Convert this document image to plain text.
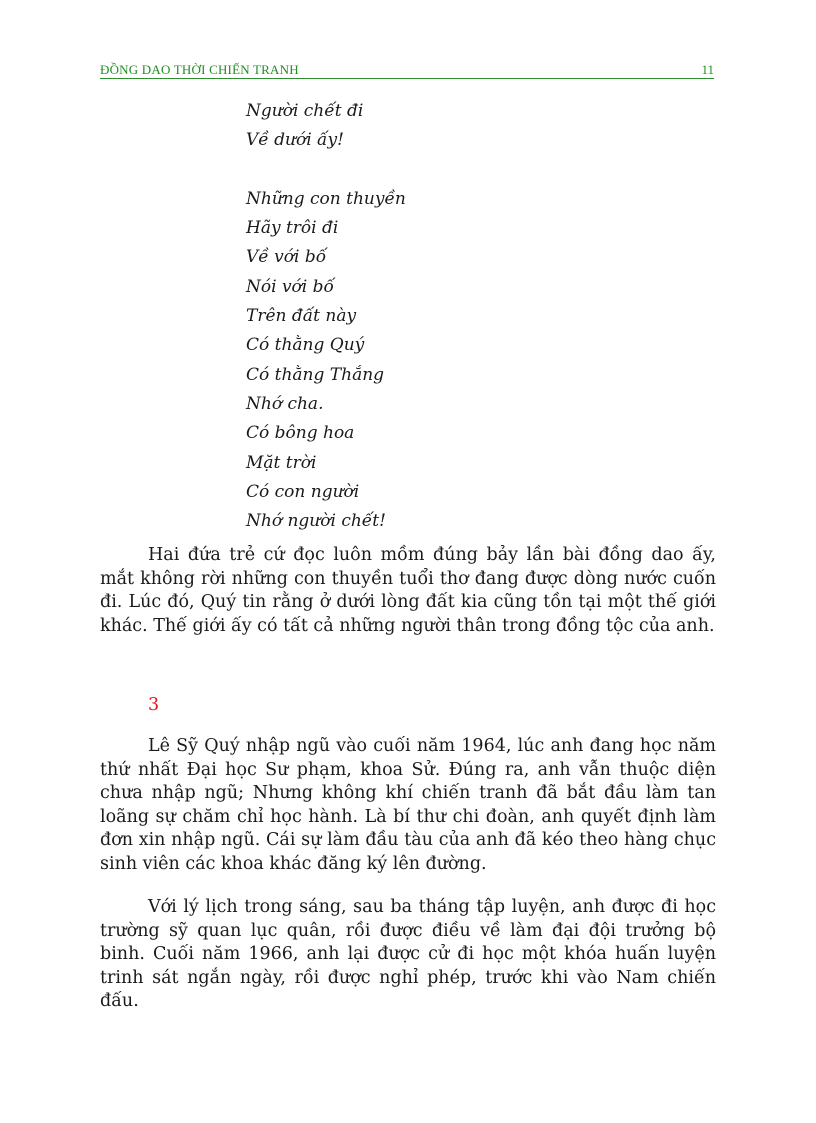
ĐỒNG DAO THỜI CHIẾN TRANH	11
Người chết đi
Về dưới ấy!
Những con thuyền
Hãy trôi đi
Về với bố
Nói với bố
Trên đất này
Có thằng Quý
Có thằng Thắng
Nhớ cha.
Có bông hoa
Mặt trời
Có con người
Nhớ người chết!

Hai đứa trẻ cứ đọc luôn mồm đúng bảy lần bài đồng dao ấy, mắt không rời những con thuyền tuổi thơ đang được dòng nước cuốn đi. Lúc đó, Quý tin rằng ở dưới lòng đất kia cũng tồn tại một thế giới khác. Thế giới ấy có tất cả những người thân trong đồng tộc của anh.

3

Lê Sỹ Quý nhập ngũ vào cuối năm 1964, lúc anh đang học năm thứ nhất Đại học Sư phạm, khoa Sử. Đúng ra, anh vẫn thuộc diện chưa nhập ngũ; Nhưng không khí chiến tranh đã bắt đầu làm tan loãng sự chăm chỉ học hành. Là bí thư chi đoàn, anh quyết định làm đơn xin nhập ngũ. Cái sự làm đầu tàu của anh đã kéo theo hàng chục sinh viên các khoa khác đăng ký lên đường.

Với lý lịch trong sáng, sau ba tháng tập luyện, anh được đi học trường sỹ quan lục quân, rồi được điều về làm đại đội trưởng bộ binh. Cuối năm 1966, anh lại được cử đi học một khóa huấn luyện trinh sát ngắn ngày, rồi được nghỉ phép, trước khi vào Nam chiến đấu.
